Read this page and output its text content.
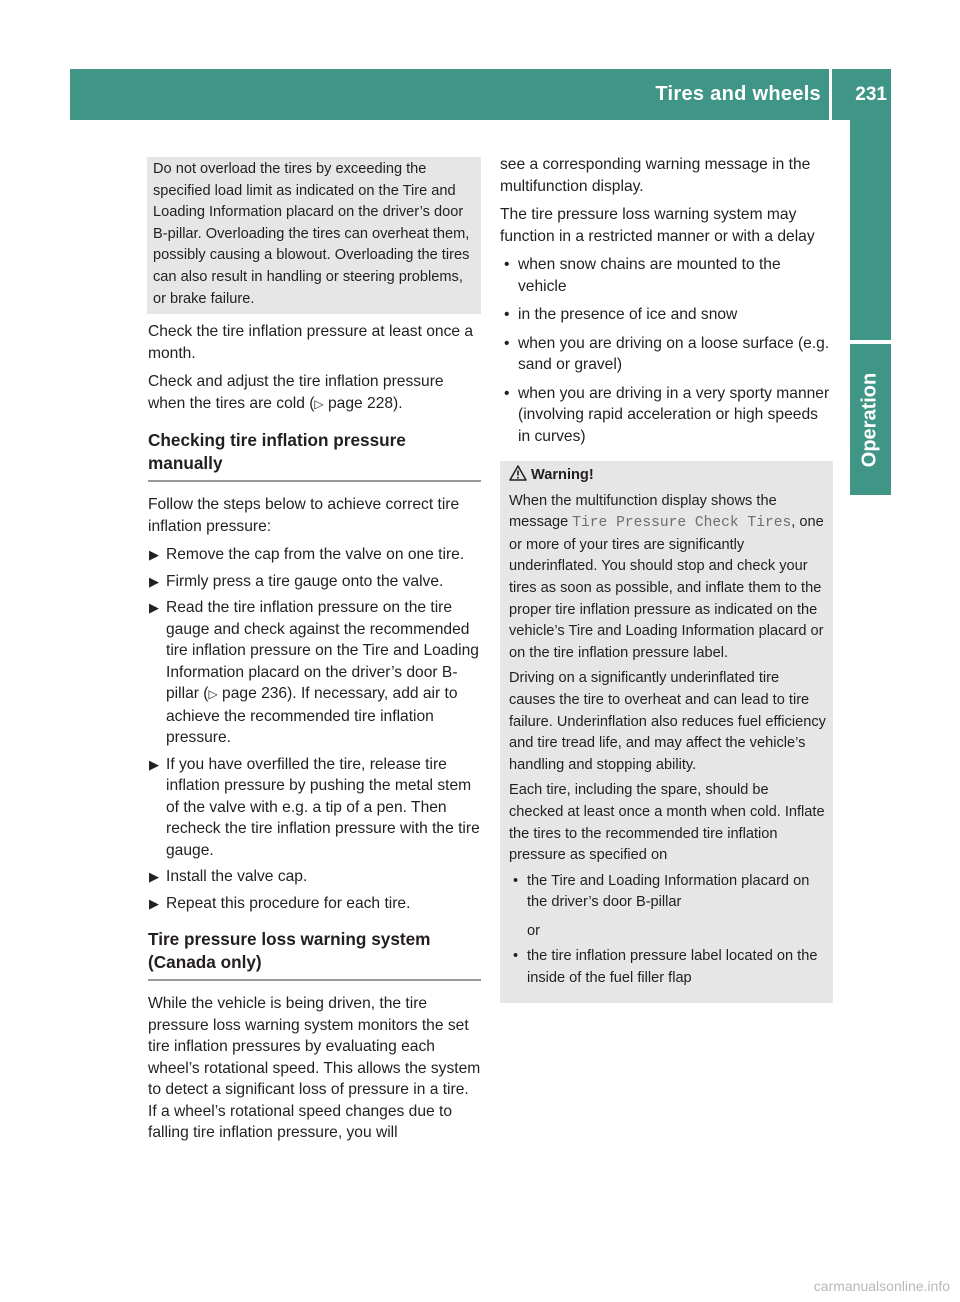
Tires and wheels 231
Operation
Do not overload the tires by exceeding the specified load limit as indicated on the Tire and Loading Information placard on the driver’s door B-pillar. Overloading the tires can overheat them, possibly causing a blowout. Overloading the tires can also result in handling or steering problems, or brake failure.

Check the tire inflation pressure at least once a month.

Check and adjust the tire inflation pressure when the tires are cold (▷ page 228).

Checking tire inflation pressure manually

Follow the steps below to achieve correct tire inflation pressure:

▶ Remove the cap from the valve on one tire.
▶ Firmly press a tire gauge onto the valve.
▶ Read the tire inflation pressure on the tire gauge and check against the recommended tire inflation pressure on the Tire and Loading Information placard on the driver’s door B-pillar (▷ page 236). If necessary, add air to achieve the recommended tire inflation pressure.
▶ If you have overfilled the tire, release tire inflation pressure by pushing the metal stem of the valve with e.g. a tip of a pen. Then recheck the tire inflation pressure with the tire gauge.
▶ Install the valve cap.
▶ Repeat this procedure for each tire.
Tire pressure loss warning system (Canada only)

While the vehicle is being driven, the tire pressure loss warning system monitors the set tire inflation pressures by evaluating each wheel’s rotational speed. This allows the system to detect a significant loss of pressure in a tire. If a wheel’s rotational speed changes due to falling tire inflation pressure, you will

see a corresponding warning message in the multifunction display.

The tire pressure loss warning system may function in a restricted manner or with a delay

• when snow chains are mounted to the vehicle
• in the presence of ice and snow
• when you are driving on a loose surface (e.g. sand or gravel)
• when you are driving in a very sporty manner (involving rapid acceleration or high speeds in curves)
Warning!

When the multifunction display shows the message Tire Pressure Check Tires, one or more of your tires are significantly underinflated. You should stop and check your tires as soon as possible, and inflate them to the proper tire inflation pressure as indicated on the vehicle’s Tire and Loading Information placard or on the tire inflation pressure label.

Driving on a significantly underinflated tire causes the tire to overheat and can lead to tire failure. Underinflation also reduces fuel efficiency and tire tread life, and may affect the vehicle’s handling and stopping ability.

Each tire, including the spare, should be checked at least once a month when cold. Inflate the tires to the recommended tire inflation pressure as specified on

• the Tire and Loading Information placard on the driver’s door B-pillar
or
• the tire inflation pressure label located on the inside of the fuel filler flap
carmanualsonline.info
